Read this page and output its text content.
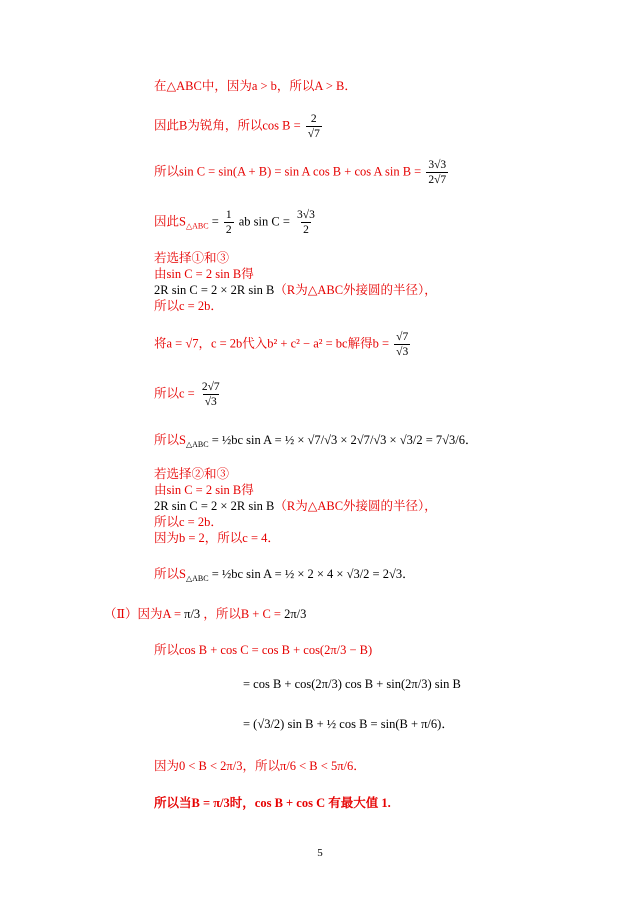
在△ABC中，因为a > b，所以A > B．
因此B为锐角，所以$\cos B = \frac{2}{√7}$
所以sin C = sin(A + B) = sin A cos B + cos A $\sin B = \frac{3√3}{2√7}$
因此$S_{\triangle ABC} = \frac{1}{2}$ ab $\sin C = \frac{3√3}{2}$
若选择①和③
由sin C = 2 sin B得
2R sin C = 2 × 2R sin B（R为△ABC外接圆的半径），
所以c = 2b．
将a = √7，c = 2b代入b² + c² − a² = bc解得$b = \frac{√7}{√3}$
所以$c = \frac{2√7}{√3}$
所以$S_{\triangle ABC}$ = ½bc sin A = ½ × √7/√3 × 2√7/√3 × √3/2 = 7√3/6．
若选择②和③
由sin C = 2 sin B得
2R sin C = 2 × 2R sin B（R为△ABC外接圆的半径），
所以c = 2b．
因为b = 2，所以c = 4．
所以$S_{\triangle ABC}$ = ½bc sin A = ½ × 2 × 4 × √3/2 = 2√3．
（Ⅱ）因为A = π/3 ，所以B + C = 2π/3
所以cos B + cos C = cos B + cos(2π/3 − B)
= cos B + cos(2π/3) cos B + sin(2π/3) sin B
= (√3/2) sin B + ½ cos B = sin(B + π/6)．
因为0 < B < 2π/3，所以π/6 < B < 5π/6．
所以当B = π/3时，cos B + cos C 有最大值 1.
5
